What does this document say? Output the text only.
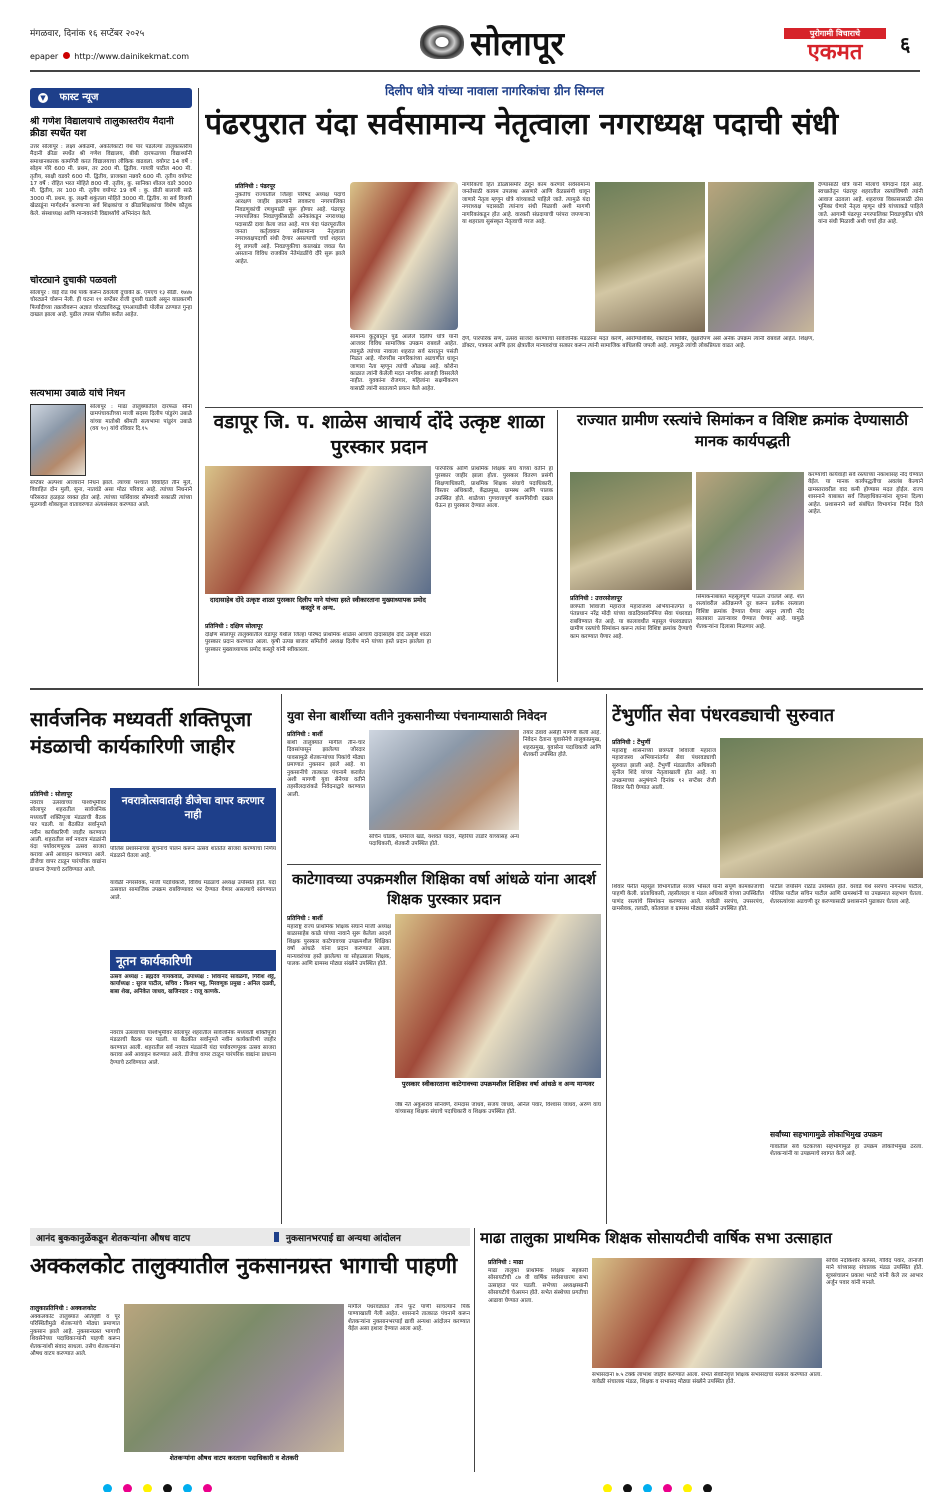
मंगळवार, दिनांक १६ सप्टेंबर २०२५
epaper http://www.dainikekmat.com	सोलापूर	पुरोगामी विचाराचे
एकमत	६
▼ फास्ट न्यूज
श्री गणेश विद्यालयाचे तालुकास्तरीय मैदानी क्रीडा स्पर्धेत यश
उत्तर सोलापूर : लक्ष्य अकॅडमी, अकोलेकाटी येथे पार पडलेल्या तालुकास्तरीय मैदानी क्रीडा स्पर्धेत श्री गणेश विद्यालय, बीबी दारफळच्या विद्यार्थ्यांनी समाधानकारक कामगिरी करत विद्यालयाचा लौकिक वाढवला. वयोगट 14 वर्षे : सोहम गोरे 600 मी. प्रथम, तर 200 मी. द्वितीय. गायत्री पाटील 400 मी. तृतीय, साक्षी वडवरे 600 मी. द्वितीय, प्राजक्ता नन्नवरे 600 मी. तृतीय वयोगट 17 वर्षे : रोहित भरत मोहिते 800 मी. तृतीय, कु. सानिका शीतल वडरे 3000 मी. द्वितीय, तर 100 मी. तृतीय वयोगट 19 वर्षे : कु. प्रीती बालाजी साठे 3000 मी. प्रथम. कु. लक्ष्मी शकुंतला मोहिते 3000 मी. द्वितीय. या सर्व विजयी खेळाडूंना मार्गदर्शन करणाऱ्या सर्व शिक्षकांचा व क्रीडाशिक्षकांचा विशेष कौतुक केले. संस्थाध्यक्ष आणि मान्यवरांनी विद्यार्थ्यांचे अभिनंदन केले.
चोरट्याने दुचाकी पळवली
सोलापूर : वाईं रोड येथे पार्क करून ठेवलेली दुचाकी क्र. एमएच १३ सीडी. १७४७ चोरट्याने चोरून नेली. ही घटना ११ सप्टेंबर रोजी दुपारी घडली असून याप्रकरणी फिर्यादीच्या तक्रारीवरून अज्ञात चोरट्याविरुद्ध एमआयडीसी पोलीस ठाण्यात गुन्हा दाखल झाला आहे. पुढील तपास पोलीस करीत आहेत.
सत्यभामा उबाळे यांचे निधन
सोलापूर : माढा तालुक्यातील दारफळ सीना ग्रामपंचायतीच्या माजी सदस्य दिलीप पांडुरंग उबाळे यांच्या मातोश्री श्रीमती सत्यभामा पांडुरंग उबाळे (वय ९०) यांचे रविवार दि.१५
सप्टेंबर अल्पशा आजाराने निधन झाले. त्यांच्या पश्चात विवाहित तीन मुले, विवाहित दोन मुली, सुना, नातवंडे असा मोठा परिवार आहे. त्यांच्या निधनाने परिसरात हळहळ व्यक्त होत आहे. त्यांच्या पार्थिवावर सोमवारी सकाळी त्यांच्या मूळगावी शोकाकुल वातावरणात अंत्यसंस्कार करण्यात आले.
दिलीप धोत्रे यांच्या नावाला नागरिकांचा ग्रीन सिग्नल
पंढरपुरात यंदा सर्वसामान्य नेतृत्वाला नगराध्यक्ष पदाची संधी
प्रतिनिधी : पंढरपूर
नुकतीच राज्यातील जिल्हा परिषद अध्यक्ष पदाचे आरक्षण जाहीर झाल्याने लवकरच नगरपालिका निवडणुकांची रणधुमाळी सुरू होणार आहे. पंढरपूर नगरपालिका निवडणुकीसाठी अनेकांकडून नगराध्यक्ष पदासाठी दावा केला जात आहे. मात्र यंदा पंढरपूरातील जनता कर्तृत्ववान सर्वसामान्य नेतृत्वाला नगराध्यक्षपदाची संधी देणार असल्याची चर्चा शहरात रंगू लागली आहे. निवडणुकीचा कालखंड जवळ येत असताना विविध राजकीय नेतेमंडळींचे दौरे सुरू झाले आहेत.
सामान्य कुटुंबातून पुढे आलेले दिलीप धोत्रे यांनी आजवर विविध सामाजिक उपक्रम राबवले आहेत. त्यामुळे त्यांच्या नावाला शहरात सर्व स्तरातून पसंती मिळत आहे. गोरगरीब नागरिकांच्या अडचणीत धावून जाणारा नेता म्हणून त्यांची ओळख आहे. कोरोना काळात त्यांनी केलेली मदत नागरिक आजही विसरलेले नाहीत. युवकांना रोजगार, महिलांना सक्षमीकरण यासाठी त्यांनी सातत्याने प्रयत्न केले आहेत.
नागरिकांचे हित डोळ्यासमोर ठेवून काम करणारे सर्वसामान्य जनतेसाठी कायम उपलब्ध असणारे आणि वेळप्रसंगी धावून जाणारे नेतृत्व म्हणून धोत्रे यांच्याकडे पाहिले जाते. त्यामुळे यंदा नगराध्यक्ष पदासाठी त्यांनाच संधी मिळावी अशी मागणी नागरिकांकडून होत आहे. वारकरी संप्रदायाची परंपरा जपणाऱ्या या शहराला सुसंस्कृत नेतृत्वाची गरज आहे.
देणे, पारंपरिक सण, उत्सव साजरा करण्याचा सार्वजनिक मंडळांना मदत करणे, आरोग्यशिबिर, रक्तदान शिबिर, वृक्षारोपण असे अनेक उपक्रम त्यांनी राबवले आहेत. शिक्षण, डॉक्टर, पत्रकार आणि इतर क्षेत्रातील मान्यवरांचा सत्कार करून त्यांनी सामाजिक बांधिलकी जपली आहे. त्यामुळे त्यांची लोकप्रियता वाढत आहे.
देण्यासाठी धोत्रे यांनी मोलाचे योगदान दिले आहे. स्वच्छतेतून पंढरपूर शहरातील रस्त्यांविषयी त्यांनी आवाज उठवला आहे. शहराच्या विकासासाठी ठोस भूमिका घेणारे नेतृत्व म्हणून धोत्रे यांच्याकडे पाहिले जाते. आगामी पंढरपूर नगरपालिका निवडणुकीत धोत्रे यांना संधी मिळावी अशी चर्चा होत आहे.
वडापूर जि. प. शाळेस आचार्य दोंदे उत्कृष्ट शाळा पुरस्कार प्रदान
दादासाहेब दोंदे उत्कृष्ट शाळा पुरस्कार दिलीप माने यांच्या हस्ते स्वीकारताना मुख्याध्यापक प्रमोद कस्तुरे व अन्य.
प्रतिनिधी : दक्षिण सोलापूर
दक्षिण सोलापूर तालुक्यातील वडापूर येथील जिल्हा परिषद प्राथमिक शाळेस आचार्य दादासाहेब दोंदे उत्कृष्ट शाळा पुरस्कार प्रदान करण्यात आला. कृषी उत्पन्न बाजार समितीचे अध्यक्ष दिलीप माने यांच्या हस्ते प्रदान झालेला हा पुरस्कार मुख्याध्यापक प्रमोद कस्तुरे यांनी स्वीकारला.
पारंपरिक आणि प्राथमिक शिक्षक संघ यांच्या वतीने हा पुरस्कार जाहीर झाला होता. पुरस्कार वितरण प्रसंगी शिक्षणाधिकारी, प्राथमिक शिक्षक संघाचे पदाधिकारी, विस्तार अधिकारी, केंद्रप्रमुख, ग्रामस्थ आणि पालक उपस्थित होते. शाळेच्या गुणवत्तापूर्ण कामगिरीची दखल घेऊन हा पुरस्कार देण्यात आला.
राज्यात ग्रामीण रस्त्यांचे सिमांकन व विशिष्ट क्रमांक देण्यासाठी मानक कार्यपद्धती
प्रतिनिधी : उत्तरसोलापूर
छत्रपती शिवाजी महाराज महाराजस्व अभियानांतर्गत व पंतप्रधान नरेंद्र मोदी यांच्या वाढदिवसानिमित्त सेवा पंधरवडा राबविण्यात येत आहे. या कालावधीत महसूल पंधरवड्यात ग्रामीण रस्त्यांचे सिमांकन करून त्यांना विशिष्ट क्रमांक देण्याचे काम करण्यात येणार आहे.
सिमांकनाबाबत महसूलपूर्ण पाऊल उचलले आहे. शेत रस्त्यांवरील अतिक्रमणे दूर करून प्रत्येक रस्त्याला विशिष्ट क्रमांक देण्यात येणार असून त्याची नोंद सातबारा उताऱ्यावर घेण्यात येणार आहे. यामुळे शेतकऱ्यांना दिलासा मिळणार आहे.
करण्याची कार्यवाही सर्व रस्त्यांच्या नकाशांसह नोंद घेण्यात येईल. या मानक कार्यपद्धतीचा अवलंब केल्याने ग्रामस्तरावरील वाद कमी होण्यास मदत होईल. राज्य शासनाने याबाबत सर्व जिल्हाधिकाऱ्यांना सूचना दिल्या आहेत. प्रशासनाने सर्व संबंधित विभागांना निर्देश दिले आहेत.
सार्वजनिक मध्यवर्ती शक्तिपूजा मंडळाची कार्यकारिणी जाहीर
प्रतिनिधी : सोलापूर
नवरात्र उत्सवाच्या पार्श्वभूमीवर सोलापूर शहरातील सार्वजनिक मध्यवर्ती शक्तिपूजा मंडळाची बैठक पार पडली. या बैठकीत सर्वानुमते नवीन कार्यकारिणी जाहीर करण्यात आली. शहरातील सर्व नवरात्र मंडळांनी यंदा पर्यावरणपूरक उत्सव साजरा करावा असे आवाहन करण्यात आले. डीजेचा वापर टाळून पारंपरिक वाद्यांना प्राधान्य देण्याचे ठरविण्यात आले.
नवरात्रोत्सवातही डीजेचा वापर करणार नाही
पोलिस प्रशासनाच्या सूचनांचे पालन करून उत्सव शांततेत साजरा करण्याचा निर्णय मंडळाने घेतला आहे.
यावेळी नगरसेवक, माजी पदाधिकारी, विविध मंडळांचे अध्यक्ष उपस्थित होते. यंदा उत्सवात सामाजिक उपक्रम राबविण्यावर भर देण्यात येणार असल्याचे सांगण्यात आले.
नूतन कार्यकारिणी
उत्सव अध्यक्ष : ब्रह्मदेव गायकवाड, उपाध्यक्ष : शिवानंद सावळगी, गिरीश शेट्टे, कार्याध्यक्ष : सुरज पाटील, सचिव : किशन भट्ट, मिरवणूक प्रमुख : अनिल दळवी, बाबा शेख, अनिकेत जाधव, खजिनदार : राजू काणके.
नवरात्र उत्सवाच्या पार्श्वभूमीवर सोलापूर शहरातील सार्वजनिक मध्यवर्ती शक्तिपूजा मंडळाची बैठक पार पडली. या बैठकीत सर्वानुमते नवीन कार्यकारिणी जाहीर करण्यात आली. शहरातील सर्व नवरात्र मंडळांनी यंदा पर्यावरणपूरक उत्सव साजरा करावा असे आवाहन करण्यात आले. डीजेचा वापर टाळून पारंपरिक वाद्यांना प्राधान्य देण्याचे ठरविण्यात आले.
युवा सेना बार्शीच्या वतीने नुकसानीच्या पंचनाम्यासाठी निवेदन
प्रतिनिधी : बार्शी
बार्शी तालुक्यात मागील तीन-चार दिवसांपासून झालेल्या जोरदार पावसामुळे शेतकऱ्यांच्या पिकांचे मोठ्या प्रमाणात नुकसान झाले आहे. या नुकसानीचे तात्काळ पंचनामे करावेत अशी मागणी युवा सेनेच्या वतीने तहसीलदारांकडे निवेदनाद्वारे करण्यात आली.
सचिन घोडके, धर्मराज खंडे, यशवंत यादव, मेहरिया तांडोरे यांच्यासह अन्य पदाधिकारी, शेतकरी उपस्थित होते.
तयार ठेवावे असेही मागणी केली आहे. निवेदन देताना युवासेनेचे तालुकाप्रमुख, शहरप्रमुख, युवासेना पदाधिकारी आणि शेतकरी उपस्थित होते.
टेंभुर्णीत सेवा पंधरवड्याची सुरुवात
प्रतिनिधी : टेंभुर्णी
महाराष्ट्र शासनाच्या छत्रपती शिवाजी महाराज महाराजस्व अभियानांतर्गत सेवा पंधरवड्याची सुरुवात झाली आहे. टेंभुर्णी मंडळातील अधिकारी सुनील शिंदे यांच्या नेतृत्वाखाली होत आहे. या उपक्रमाच्या अनुषंगाने दिनांक १२ सप्टेंबर रोजी शिवार फेरी घेण्यात आली.
शिवार फेरीत महसूल विभागातील संजय भोसले यांनी संपूर्ण कामकाजाची पाहणी केली. प्रांताधिकारी, तहसीलदार व मंडल अधिकारी यांच्या उपस्थितीत पाणंद रस्त्यांचे सिमांकन करण्यात आले. यावेळी सरपंच, उपसरपंच, ग्रामसेवक, तलाठी, कोतवाल व ग्रामस्थ मोठ्या संख्येने उपस्थित होते.
पाटील जयसिंग राठोड उपस्थित होते. वरवडे येथे सरपंच नागनाथ पाटील, पोलिस पाटील सचिन पाटील आणि ग्रामस्थांनी या उपक्रमात सहभाग घेतला. शेतरस्त्यांच्या अडचणी दूर करण्यासाठी प्रशासनाने पुढाकार घेतला आहे.
सर्वांच्या सहभागामुळे लोकाभिमुख उपक्रम
गावातील सर्व घटकांच्या सहभागामुळे हा उपक्रम लोकाभिमुख ठरला. शेतकऱ्यांनी या उपक्रमाचे स्वागत केले आहे.
काटेगावच्या उपक्रमशील शिक्षिका वर्षा आंधळे यांना आदर्श शिक्षक पुरस्कार प्रदान
प्रतिनिधी : बार्शी
महाराष्ट्र राज्य प्राथमिक शिक्षक संघाने माजी अध्यक्ष बाळासाहेब काळे यांच्या नावाने सुरू केलेला आदर्श शिक्षक पुरस्कार काटेगावच्या उपक्रमशील शिक्षिका वर्षा आंधळे यांना प्रदान करण्यात आला. मान्यवरांच्या हस्ते झालेल्या या सोहळ्याला शिक्षक, पालक आणि ग्रामस्थ मोठ्या संख्येने उपस्थित होते.
पुरस्कार स्वीकारताना काटेगावच्या उपक्रमशील शिक्षिका वर्षा आंधळे व अन्य मान्यवर
जेष्ठ नेते अंकुशराव सोनवणे, रामदास जाधव, संजय जाधव, अनिल पवार, विश्वास जाधव, अरुण वाघ यांच्यासह शिक्षक संघाचे पदाधिकारी व शिक्षक उपस्थित होते.
आनंद बुककानुळेंकडून शेतकऱ्यांना औषध वाटप	नुकसानभरपाई द्या अन्यथा आंदोलन
अक्कलकोट तालुक्यातील नुकसानग्रस्त भागाची पाहणी
तालुकाप्रतिनिधी : अक्कलकोट
अक्कलकोट तालुक्यात अतिवृष्टी व पूर परिस्थितीमुळे शेतकऱ्यांचे मोठ्या प्रमाणात नुकसान झाले आहे. नुकसानग्रस्त भागाची शिवसेनेच्या पदाधिकाऱ्यांनी पाहणी करून शेतकऱ्यांशी संवाद साधला. तसेच शेतकऱ्यांना औषध वाटप करण्यात आले.
शेतकऱ्यांना औषध वाटप करताना पदाधिकारी व शेतकरी
मागील पंधरवड्यात तीन फूट पाणी साचल्याने पिके पाण्याखाली गेली आहेत. शासनाने तात्काळ पंचनामे करून शेतकऱ्यांना नुकसानभरपाई द्यावी अन्यथा आंदोलन करण्यात येईल असा इशारा देण्यात आला आहे.
माढा तालुका प्राथमिक शिक्षक सोसायटीची वार्षिक सभा उत्साहात
प्रतिनिधी : माढा
माढा तालुका प्राथमिक शिक्षक सहकारी सोसायटीची ८७ वी वार्षिक सर्वसाधारण सभा उत्साहात पार पडली. सभेच्या अध्यक्षस्थानी सोसायटीचे चेअरमन होते. सभेत संस्थेच्या प्रगतीचा आढावा घेण्यात आला.
सभासदांना ७.५ टक्के लाभांश जाहीर करण्यात आला. सभेत सेवानिवृत्त शिक्षक सभासदांचा सत्कार करण्यात आला. यावेळी संचालक मंडळ, शिक्षक व सभासद मोठ्या संख्येने उपस्थित होते.
सचिव नंदकिशोर कापसे, गोविंद पवार, तानाजी माने यांच्यासह संचालक मंडळ उपस्थित होते. सूत्रसंचालन प्रकाश भराटे यांनी केले तर आभार अर्जुन पवार यांनी मानले.
